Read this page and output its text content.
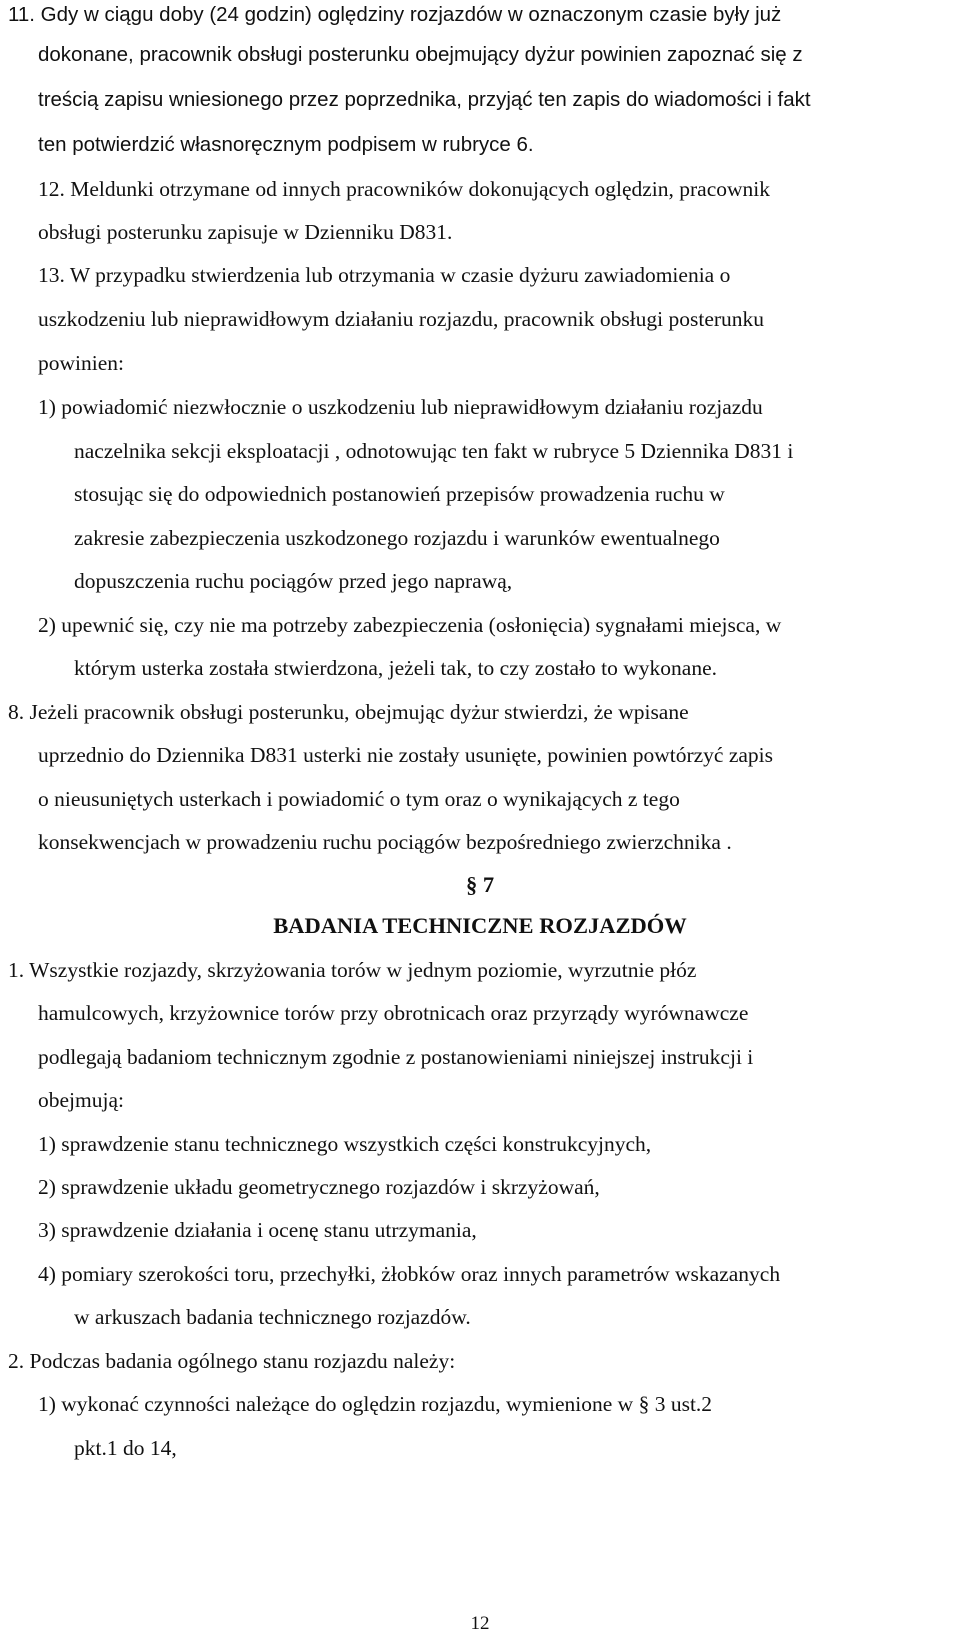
11. Gdy w ciągu doby (24 godzin) oględziny rozjazdów w oznaczonym czasie były już
dokonane, pracownik obsługi posterunku obejmujący dyżur powinien zapoznać się z
treścią zapisu wniesionego przez poprzednika, przyjąć ten zapis do wiadomości i fakt
ten potwierdzić własnoręcznym podpisem w rubryce 6.
12. Meldunki otrzymane od innych pracowników dokonujących oględzin, pracownik
obsługi posterunku zapisuje w Dzienniku D831.
13. W przypadku stwierdzenia lub otrzymania w czasie dyżuru zawiadomienia o
uszkodzeniu lub nieprawidłowym działaniu rozjazdu, pracownik obsługi posterunku
powinien:
1) powiadomić niezwłocznie o uszkodzeniu lub nieprawidłowym działaniu rozjazdu
naczelnika sekcji eksploatacji , odnotowując ten fakt w rubryce 5 Dziennika D831 i
stosując się do odpowiednich postanowień przepisów prowadzenia ruchu w
zakresie zabezpieczenia uszkodzonego rozjazdu i warunków ewentualnego
dopuszczenia ruchu pociągów przed jego naprawą,
2) upewnić się, czy nie ma potrzeby zabezpieczenia (osłonięcia) sygnałami miejsca, w
którym usterka została stwierdzona, jeżeli tak, to czy zostało to wykonane.
8. Jeżeli pracownik obsługi posterunku, obejmując dyżur stwierdzi, że wpisane
uprzednio do Dziennika D831 usterki nie zostały usunięte, powinien powtórzyć zapis
o nieusuniętych usterkach i powiadomić o tym oraz o wynikających z tego
konsekwencjach w prowadzeniu ruchu pociągów bezpośredniego zwierzchnika .
§ 7
BADANIA TECHNICZNE ROZJAZDÓW
1. Wszystkie rozjazdy, skrzyżowania torów w jednym poziomie, wyrzutnie płóz
hamulcowych, krzyżownice torów przy obrotnicach oraz przyrządy wyrównawcze
podlegają badaniom technicznym zgodnie z postanowieniami niniejszej instrukcji i
obejmują:
1) sprawdzenie stanu technicznego wszystkich części konstrukcyjnych,
2) sprawdzenie układu geometrycznego rozjazdów i skrzyżowań,
3) sprawdzenie działania i ocenę stanu utrzymania,
4) pomiary szerokości toru, przechyłki, żłobków oraz innych parametrów wskazanych
w arkuszach badania technicznego rozjazdów.
2. Podczas badania ogólnego stanu rozjazdu należy:
1) wykonać czynności należące do oględzin rozjazdu, wymienione w § 3 ust.2
pkt.1 do 14,
12
